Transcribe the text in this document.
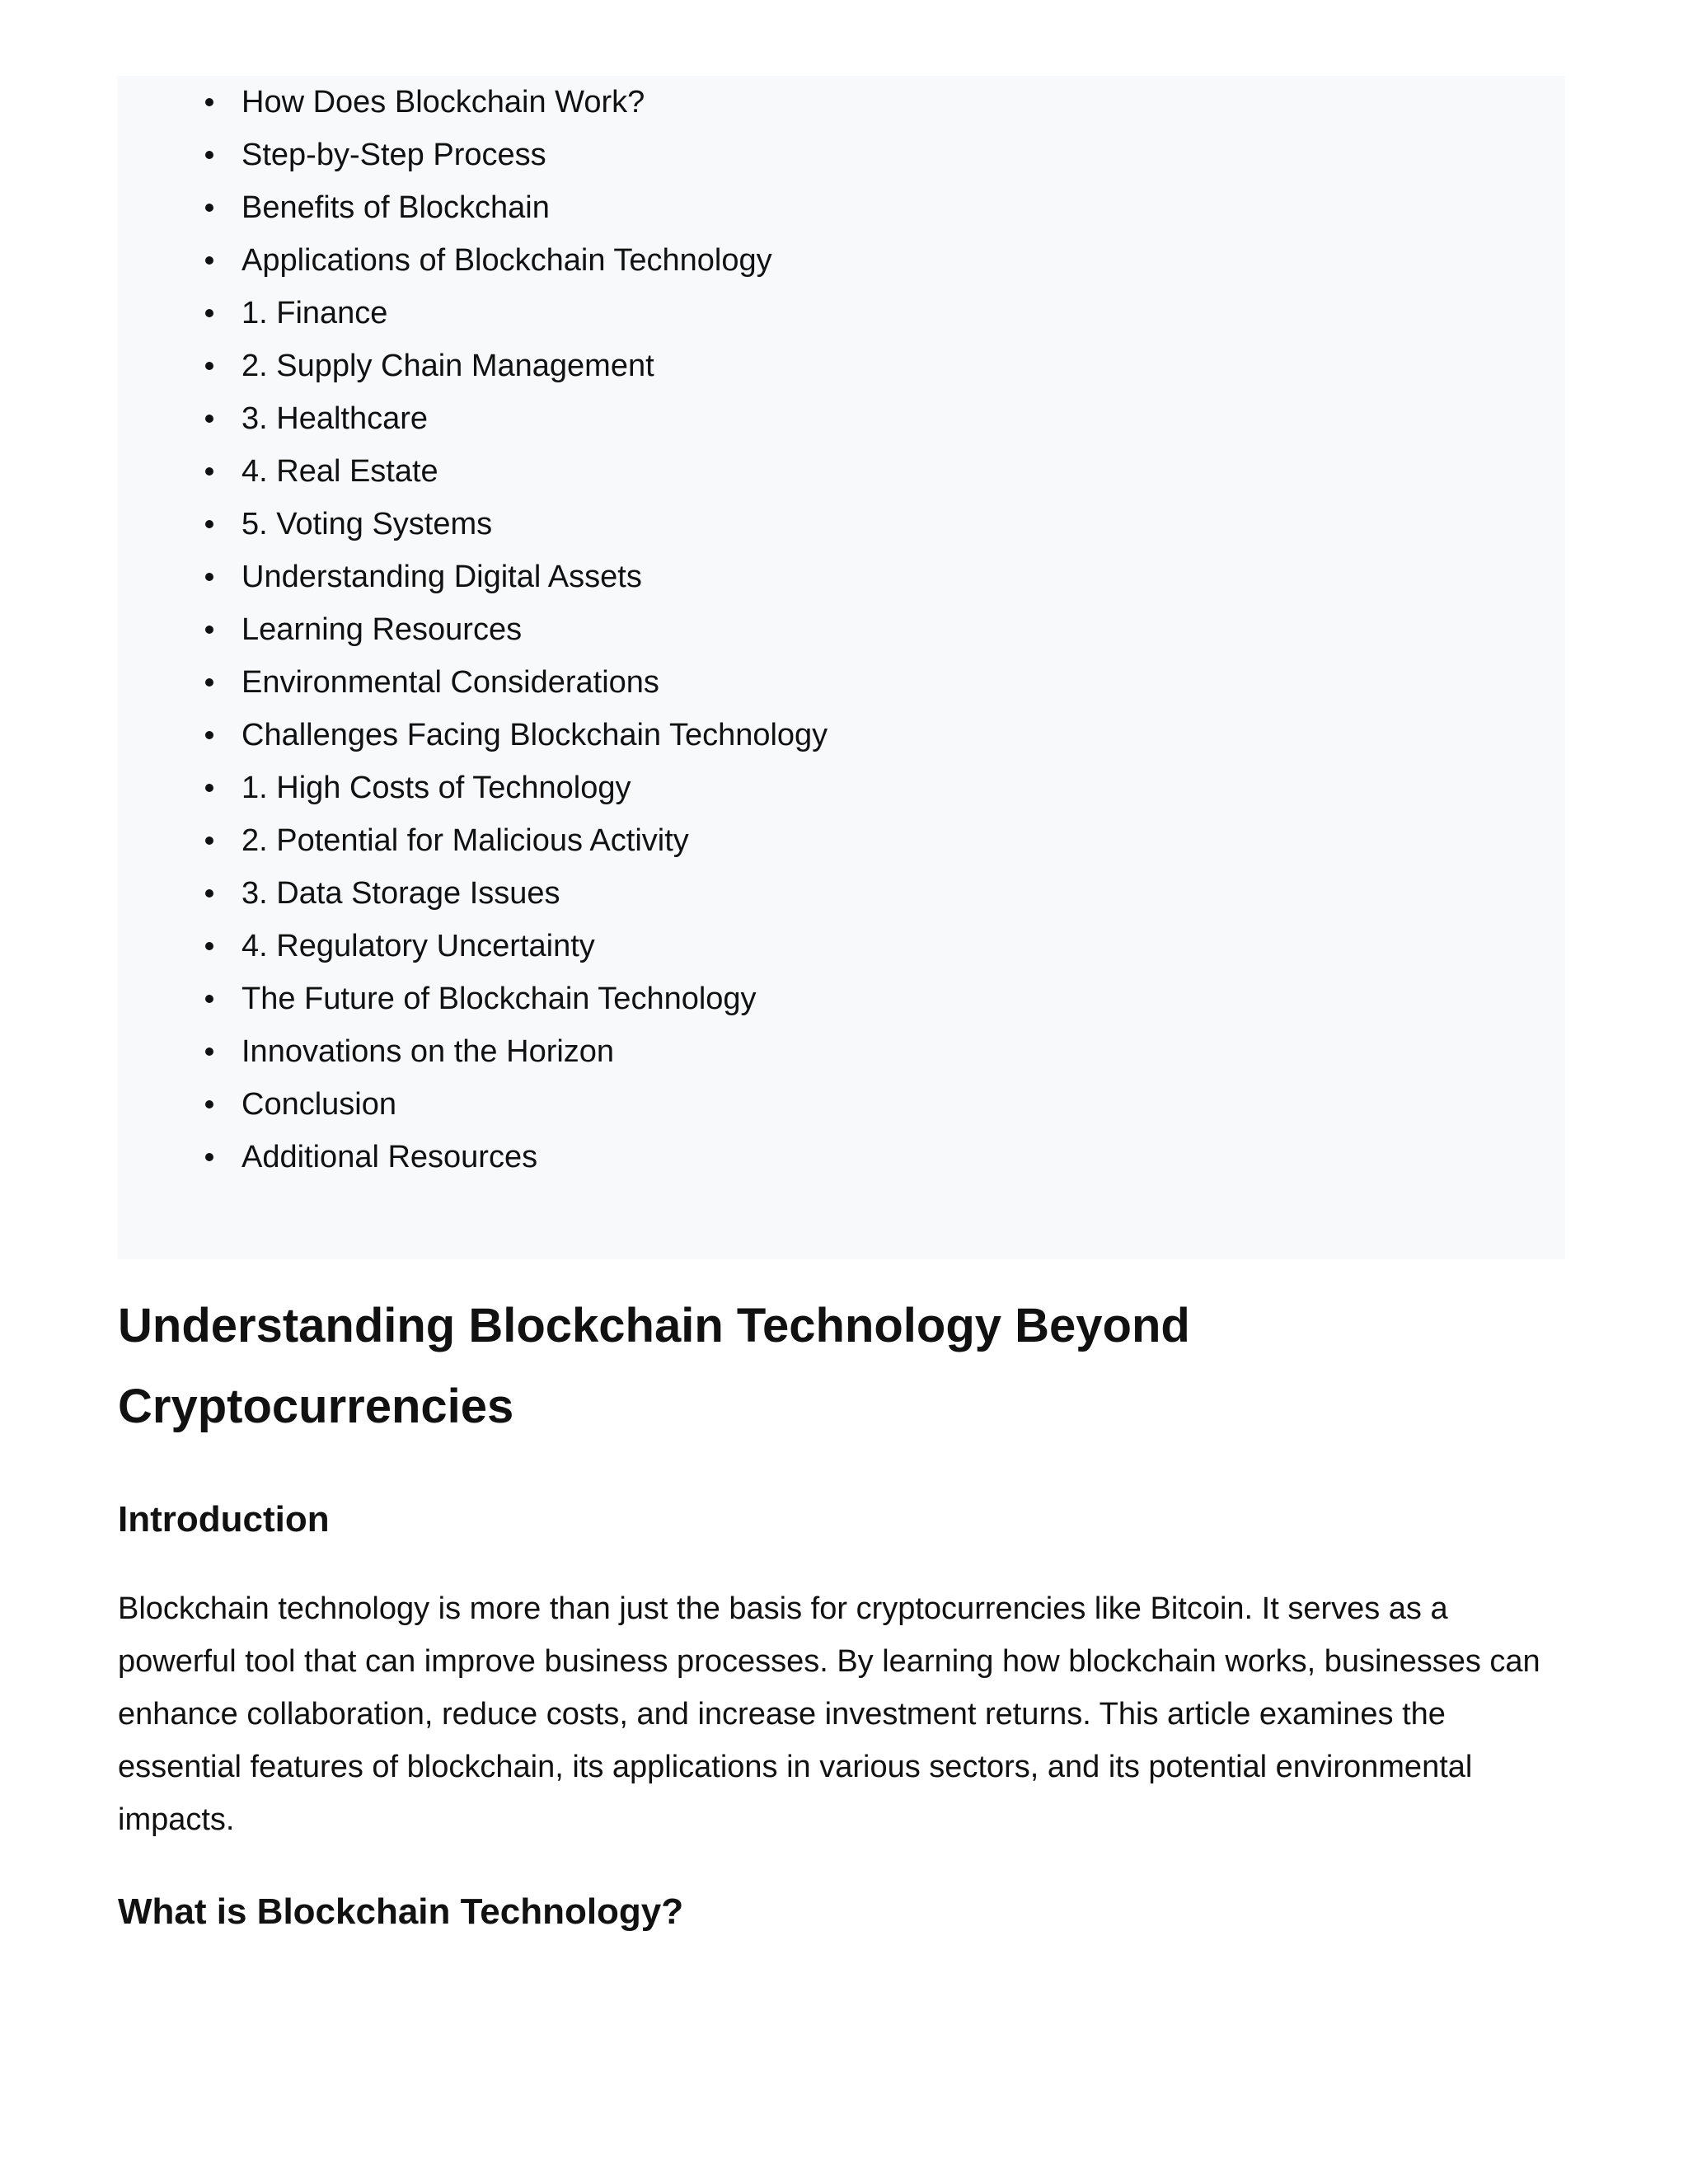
How Does Blockchain Work?
Step-by-Step Process
Benefits of Blockchain
Applications of Blockchain Technology
1. Finance
2. Supply Chain Management
3. Healthcare
4. Real Estate
5. Voting Systems
Understanding Digital Assets
Learning Resources
Environmental Considerations
Challenges Facing Blockchain Technology
1. High Costs of Technology
2. Potential for Malicious Activity
3. Data Storage Issues
4. Regulatory Uncertainty
The Future of Blockchain Technology
Innovations on the Horizon
Conclusion
Additional Resources
Understanding Blockchain Technology Beyond Cryptocurrencies
Introduction

Blockchain technology is more than just the basis for cryptocurrencies like Bitcoin. It serves as a powerful tool that can improve business processes. By learning how blockchain works, businesses can enhance collaboration, reduce costs, and increase investment returns. This article examines the essential features of blockchain, its applications in various sectors, and its potential environmental impacts.

What is Blockchain Technology?
